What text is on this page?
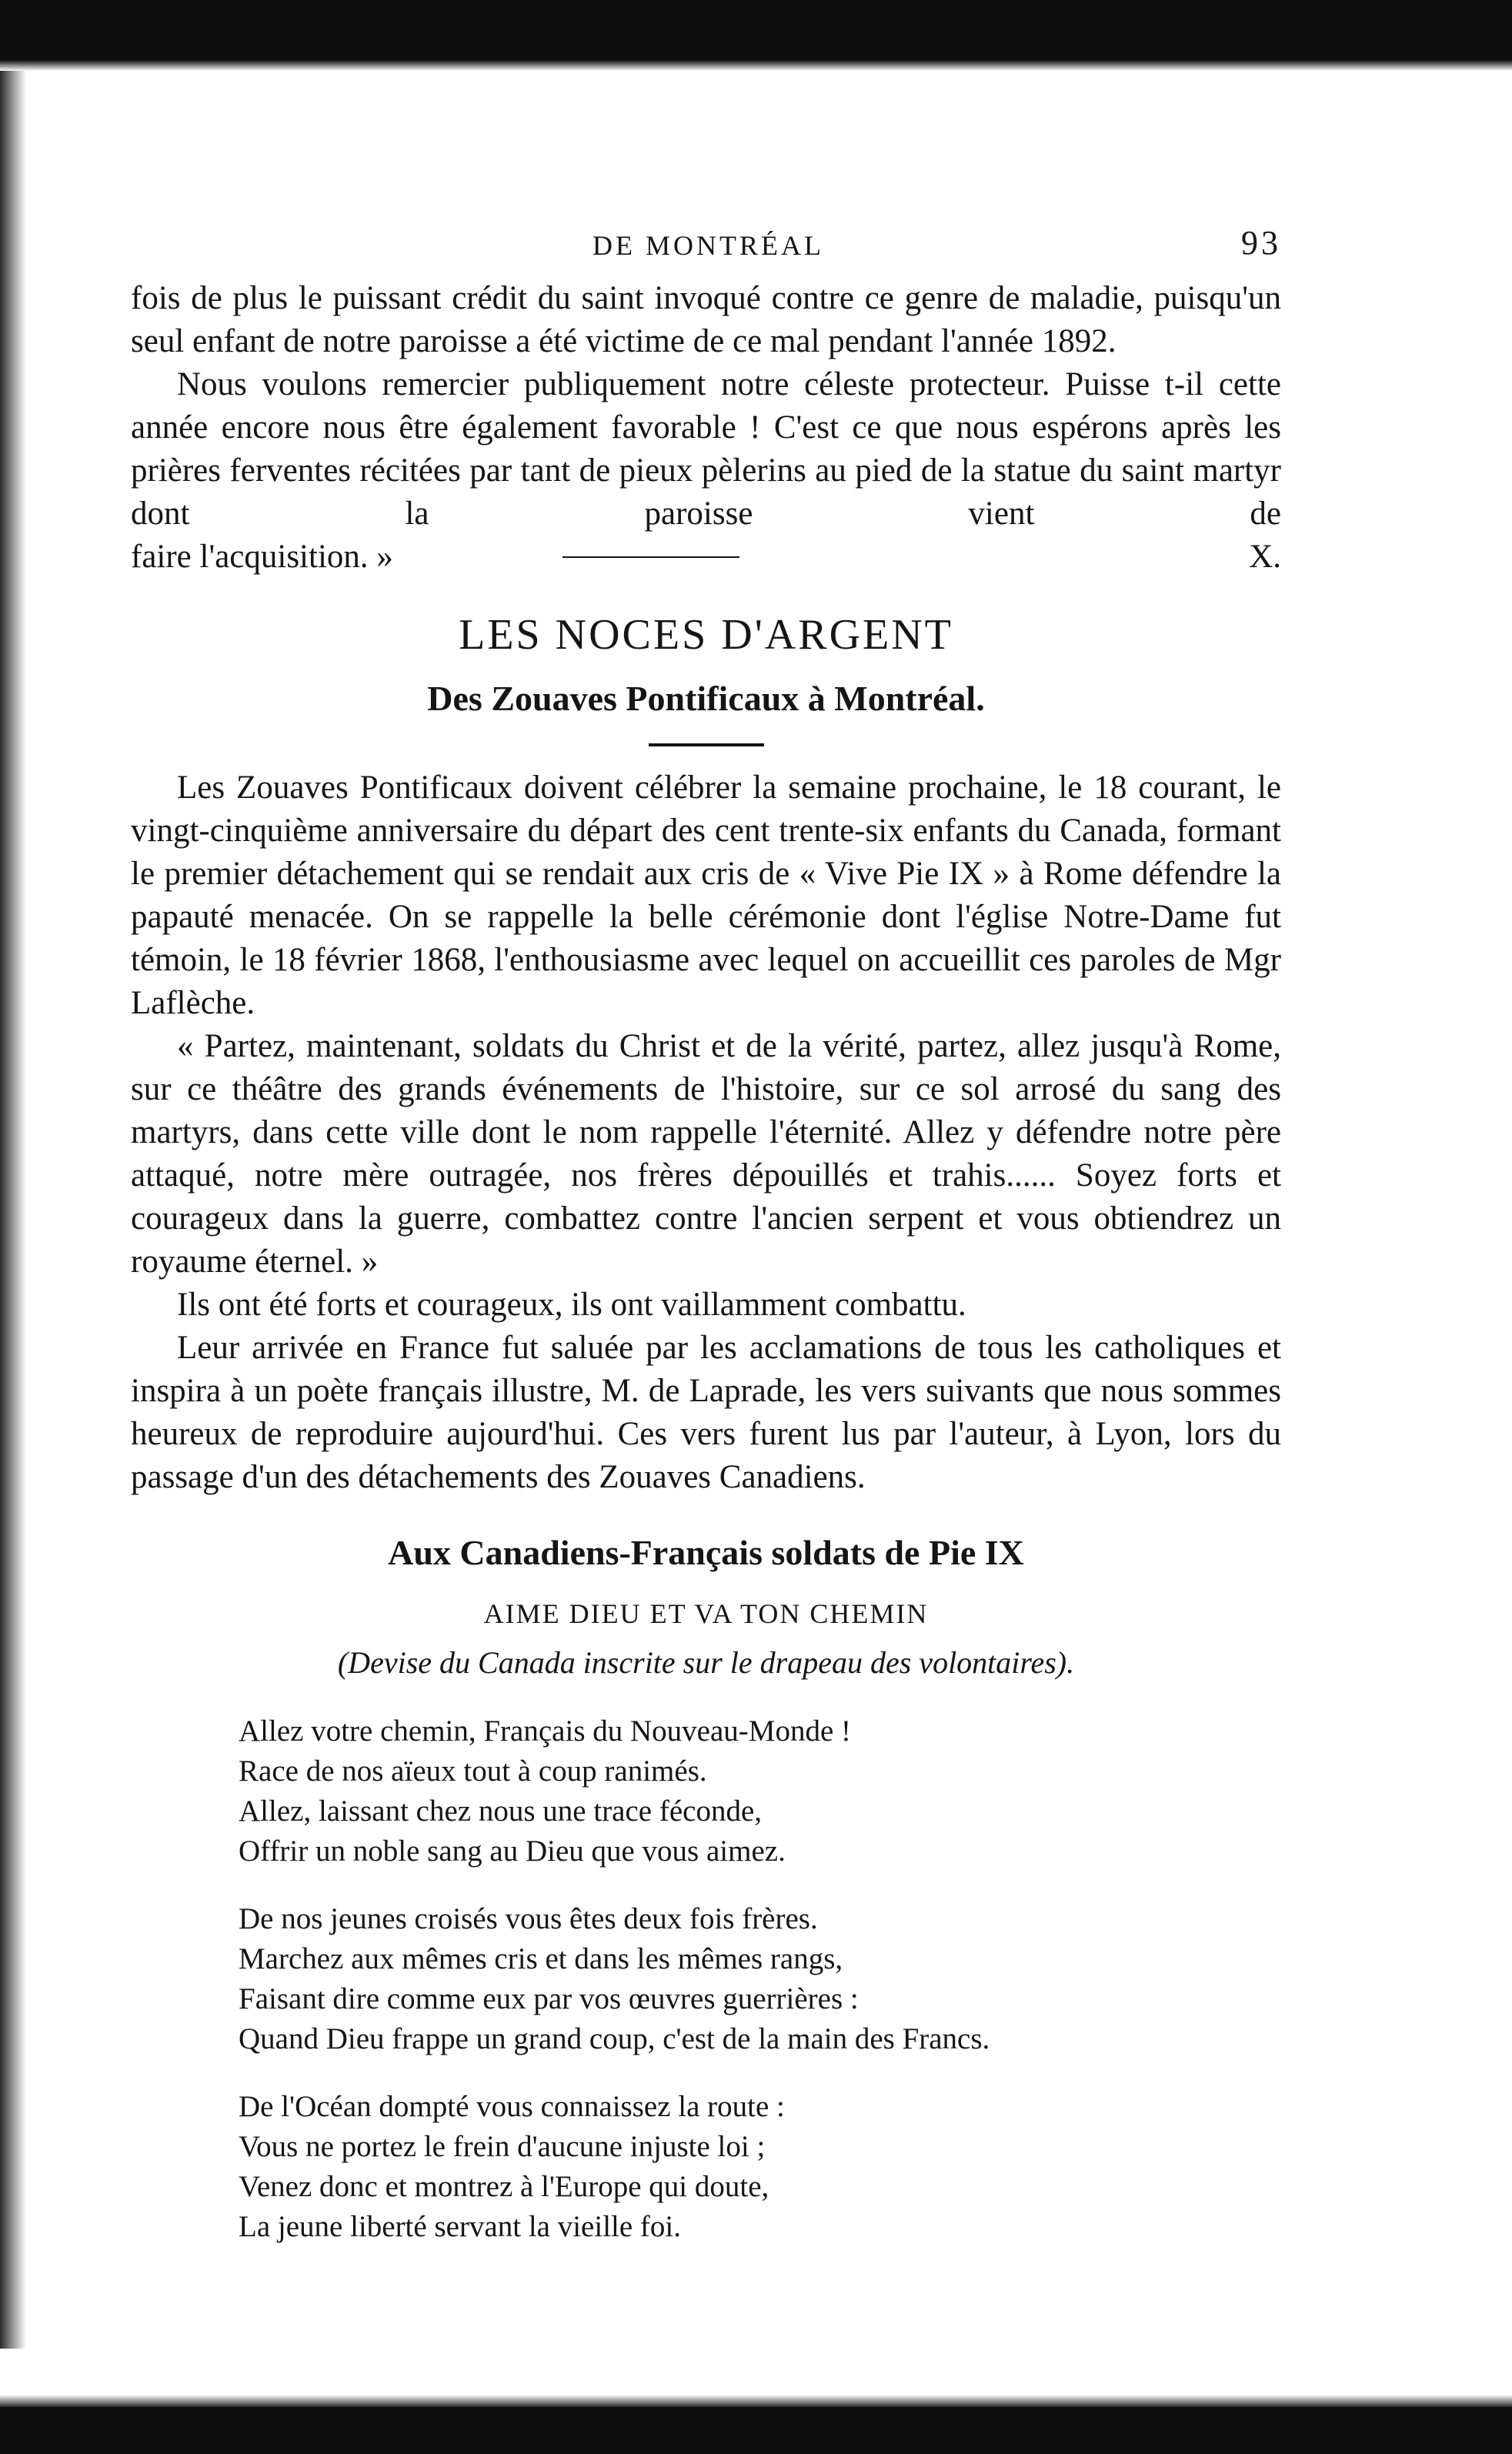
DE MONTRÉAL	93

fois de plus le puissant crédit du saint invoqué contre ce genre de maladie, puisqu'un seul enfant de notre paroisse a été victime de ce mal pendant l'année 1892.

Nous voulons remercier publiquement notre céleste protecteur. Puisse t-il cette année encore nous être également favorable ! C'est ce que nous espérons après les prières ferventes récitées par tant de pieux pèlerins au pied de la statue du saint martyr dont la paroisse vient de

faire l'acquisition. »	X.
LES NOCES D'ARGENT
Des Zouaves Pontificaux à Montréal.

Les Zouaves Pontificaux doivent célébrer la semaine prochaine, le 18 courant, le vingt-cinquième anniversaire du départ des cent trente-six enfants du Canada, formant le premier détachement qui se rendait aux cris de « Vive Pie IX » à Rome défendre la papauté menacée. On se rappelle la belle cérémonie dont l'église Notre-Dame fut témoin, le 18 février 1868, l'enthousiasme avec lequel on accueillit ces paroles de Mgr Laflèche.

« Partez, maintenant, soldats du Christ et de la vérité, partez, allez jusqu'à Rome, sur ce théâtre des grands événements de l'histoire, sur ce sol arrosé du sang des martyrs, dans cette ville dont le nom rappelle l'éternité. Allez y défendre notre père attaqué, notre mère outragée, nos frères dépouillés et trahis...... Soyez forts et courageux dans la guerre, combattez contre l'ancien serpent et vous obtiendrez un royaume éternel. »

Ils ont été forts et courageux, ils ont vaillamment combattu.

Leur arrivée en France fut saluée par les acclamations de tous les catholiques et inspira à un poète français illustre, M. de Laprade, les vers suivants que nous sommes heureux de reproduire aujourd'hui. Ces vers furent lus par l'auteur, à Lyon, lors du passage d'un des détachements des Zouaves Canadiens.

Aux Canadiens-Français soldats de Pie IX
AIME DIEU ET VA TON CHEMIN
(Devise du Canada inscrite sur le drapeau des volontaires).
Allez votre chemin, Français du Nouveau-Monde !
Race de nos aïeux tout à coup ranimés.
Allez, laissant chez nous une trace féconde,
Offrir un noble sang au Dieu que vous aimez.
De nos jeunes croisés vous êtes deux fois frères.
Marchez aux mêmes cris et dans les mêmes rangs,
Faisant dire comme eux par vos œuvres guerrières :
Quand Dieu frappe un grand coup, c'est de la main des Francs.
De l'Océan dompté vous connaissez la route :
Vous ne portez le frein d'aucune injuste loi ;
Venez donc et montrez à l'Europe qui doute,
La jeune liberté servant la vieille foi.
